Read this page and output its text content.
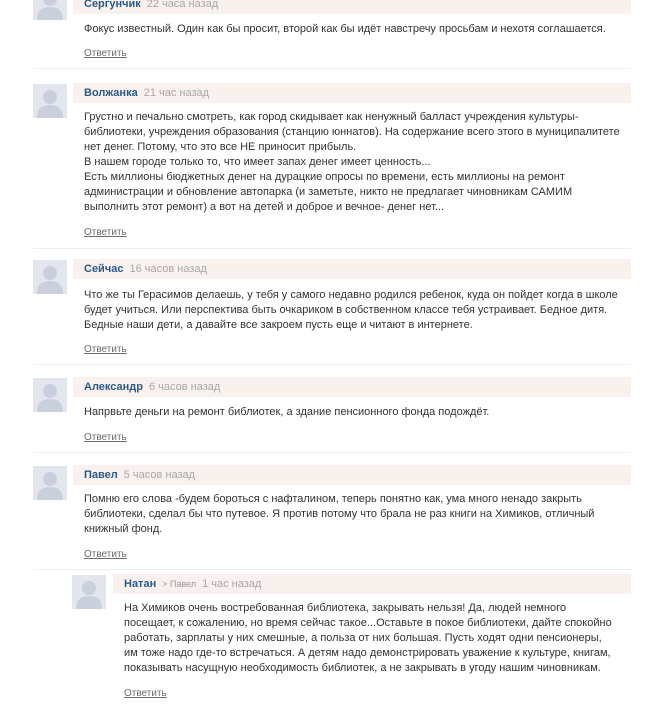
Сергунчик 22 часа назад

Фокус известный. Один как бы просит, второй как бы идёт навстречу просьбам и нехотя соглашается.

Ответить
Волжанка 21 час назад

Грустно и печально смотреть, как город скидывает как ненужный балласт учреждения культуры-

библиотеки, учреждения образования (станцию юннатов). На содержание всего этого в муниципалитете

нет денег. Потому, что это все НЕ приносит прибыль.

В нашем городе только то, что имеет запах денег имеет ценность...

Есть миллионы бюджетных денег на дурацкие опросы по времени, есть миллионы на ремонт

администрации и обновление автопарка (и заметьте, никто не предлагает чиновникам САМИМ

выполнить этот ремонт) а вот на детей и доброе и вечное- денег нет...

Ответить
Сейчас 16 часов назад

Что же ты Герасимов делаешь, у тебя у самого недавно родился ребенок, куда он пойдет когда в школе

будет учиться. Или перспектива быть очкариком в собственном классе тебя устраивает. Бедное дитя.

Бедные наши дети, а давайте все закроем пусть еще и читают в интернете.

Ответить
Александр 6 часов назад

Напрвьте деньги на ремонт библиотек, а здание пенсионного фонда подождёт.

Ответить
Павел 5 часов назад

Помню его слова -будем бороться с нафталином, теперь понятно как, ума много ненадо закрыть

библиотеки, сделал бы что путевое. Я против потому что брала не раз книги на Химиков, отличный

книжный фонд.

Ответить
Натан > Павел 1 час назад

На Химиков очень востребованная библиотека, закрывать нельзя! Да, людей немного

посещает, к сожалению, но время сейчас такое...Оставьте в покое библиотеки, дайте спокойно

работать, зарплаты у них смешные, а польза от них большая. Пусть ходят одни пенсионеры,

им тоже надо где-то встречаться. А детям надо демонстрировать уважение к культуре, книгам,

показывать насущную необходимость библиотек, а не закрывать в угоду нашим чиновникам.

Ответить
